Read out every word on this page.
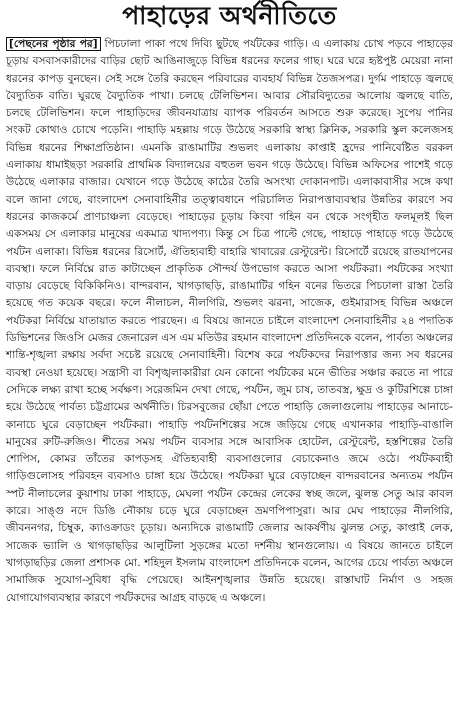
পাহাড়ের অর্থনীতিতে

[পেছনের পৃষ্ঠার পর] পিচঢালা পাকা পথে দিব্যি ছুটছে পর্যটকের গাড়ি। এ এলাকায় চোখ পড়বে পাহাড়ের চূড়ায় বসবাসকারীদের বাড়ির ছোট আঙিনাজুড়ে বিভিন্ন ধরনের ফলের গাছ। ঘরে ঘরে হৃষ্টপুষ্ট মেয়েরা নানা ধরনের কাপড় বুনছেন। সেই সঙ্গে তৈরি করছেন পরিবারের ব্যবহার্য বিভিন্ন তৈজসপত্র। দুর্গম পাহাড়ে জ্বলছে বৈদ্যুতিক বাতি। ঘুরছে বৈদ্যুতিক পাখা। চলছে টেলিভিশন। আবার সৌরবিদ্যুতের আলোয় জ্বলছে বাতি, চলছে টেলিভিশন। ফলে পাহাড়িদের জীবনযাত্রায় ব্যাপক পরিবর্তন আসতে শুরু করেছে। সুপেয় পানির সংকট কোথাও চোখে পড়েনি। পাহাড়ি মহল্লায় গড়ে উঠেছে সরকারি স্বাস্থ্য ক্লিনিক, সরকারি স্কুল কলেজসহ বিভিন্ন ধরনের শিক্ষাপ্রতিষ্ঠান। এমনকি রাঙামাটির শুভলং এলাকায় কাপ্তাই হ্রদের পানিবেষ্টিত বরকল এলাকায় ধামাইছড়া সরকারি প্রাথমিক বিদ্যালয়ের বহুতল ভবন গড়ে উঠেছে। বিভিন্ন অফিসের পাশেই গড়ে উঠেছে এলাকার বাজার। যেখানে গড়ে উঠেছে কাঠের তৈরি অসংখ্য দোকানপাট। এলাকাবাসীর সঙ্গে কথা বলে জানা গেছে, বাংলাদেশ সেনাবাহিনীর তত্ত্বাবধানে পরিচালিত নিরাপত্তাব্যবস্থার উন্নতির কারণে সব ধরনের কাজকর্মে প্রাণচাঞ্চল্য বেড়েছে। পাহাড়ের চূড়ায় কিংবা গহিন বন থেকে সংগৃহীত ফলমূলই ছিল একসময় সে এলাকার মানুষের একমাত্র খাদ্যপণ্য। কিন্তু সে চিত্র পাল্টে গেছে, পাহাড়ে পাহাড়ে গড়ে উঠেছে পর্যটন এলাকা। বিভিন্ন ধরনের রিসোর্ট, ঐতিহ্যবাহী বাহারি খাবারের রেস্টুরেন্ট। রিসোর্টে রয়েছে রাতযাপনের ব্যবস্থা। ফলে নির্বিঘ্নে রাত কাটাচ্ছেন প্রাকৃতিক সৌন্দর্য উপভোগ করতে আসা পর্যটকরা। পর্যটকের সংখ্যা বাড়ায় বেড়েছে বিকিকিনিও। বান্দরবান, খাগড়াছড়ি, রাঙামাটির গহিন বনের ভিতরে পিচঢালা রাস্তা তৈরি হয়েছে গত কয়েক বছরে। ফলে নীলাচল, নীলগিরি, শুভলং ঝরনা, সাজেক, গুইমারাসহ বিভিন্ন অঞ্চলে পর্যটকরা নির্বিঘ্নে যাতায়াত করতে পারছেন। এ বিষয়ে জানতে চাইলে বাংলাদেশ সেনাবাহিনীর ২৪ পদাতিক ডিভিশনের জিওসি মেজর জেনারেল এস এম মতিউর রহমান বাংলাদেশ প্রতিদিনকে বলেন, পার্বত্য অঞ্চলের শান্তি-শৃঙ্খলা রক্ষায় সর্বদা সচেষ্ট রয়েছে সেনাবাহিনী। বিশেষ করে পর্যটকদের নিরাপত্তার জন্য সব ধরনের ব্যবস্থা নেওয়া হয়েছে। সন্ত্রাসী বা বিশৃঙ্খলাকারীরা যেন কোনো পর্যটকের মনে ভীতির সঞ্চার করতে না পারে সেদিকে লক্ষ্য রাখা হচ্ছে সর্বক্ষণ। সরেজমিন দেখা গেছে, পর্যটন, জুম চাষ, তাতবস্ত্র, ক্ষুদ্র ও কুটিরশিল্পে চাঙ্গা হয়ে উঠেছে পার্বত্য চট্টগ্রামের অর্থনীতি। চিরসবুজের ছোঁয়া পেতে পাহাড়ি জেলাগুলোয় পাহাড়ের আনাচে-কানাচে ঘুরে বেড়াচ্ছেন পর্যটকরা। পাহাড়ি পর্যটনশিল্পের সঙ্গে জড়িয়ে গেছে এখানকার পাহাড়ি-বাঙালি মানুষের রুটি-রুজিও। শীতের সময় পর্যটন ব্যবসার সঙ্গে আবাসিক হোটেল, রেস্টুরেন্ট, হস্তশিল্পের তৈরি শোপিস, কোমর তাঁতের কাপড়সহ ঐতিহ্যবাহী ব্যবসাগুলোর বেচাকেনাও জমে ওঠে। পর্যটকবাহী গাড়িগুলোসহ পরিবহন ব্যবসাও চাঙ্গা হয়ে উঠেছে। পর্যটকরা ঘুরে বেড়াচ্ছেন বান্দরবানের অন্যতম পর্যটন স্পট নীলাচলের কুয়াশায় ঢাকা পাহাড়ে, মেঘলা পর্যটন কেন্দ্রের লেকের স্বচ্ছ জলে, ঝুলন্ত সেতু আর কাবল কারে। সাঙ্গু নদে ডিঙি নৌকায় চড়ে ঘুরে বেড়াচ্ছেন ভ্রমণপিপাসুরা। আর মেঘ পাহাড়ের নীলগিরি, জীবননগর, চিম্বুক, ক্যাওক্রাডং চূড়ায়। অন্যদিকে রাঙামাটি জেলার আকর্ষণীয় ঝুলন্ত সেতু, কাপ্তাই লেক, সাজেক ভ্যালি ও খাগড়াছড়ির আলুটিলা সুড়ঙ্গের মতো দর্শনীয় স্থানগুলোয়। এ বিষয়ে জানতে চাইলে খাগড়াছড়ির জেলা প্রশাসক মো. শহিদুল ইসলাম বাংলাদেশ প্রতিদিনকে বলেন, আগের চেয়ে পার্বত্য অঞ্চলে সামাজিক সুযোগ-সুবিধা বৃদ্ধি পেয়েছে। আইনশৃঙ্খলার উন্নতি হয়েছে। রাস্তাঘাট নির্মাণ ও সহজ যোগাযোগব্যবস্থার কারণে পর্যটকদের আগ্রহ বাড়ছে এ অঞ্চলে।
